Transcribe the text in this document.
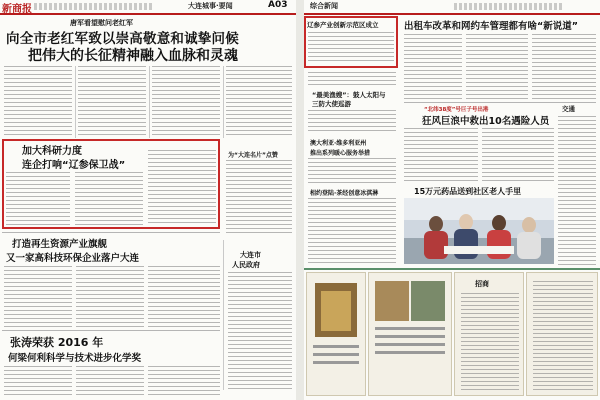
新商报	大连城事·要闻	A03
唐军看望慰问老红军
向全市老红军致以崇高敬意和诚挚问候
把伟大的长征精神融入血脉和灵魂
加大科研力度
连企打响“辽参保卫战”
为“大连名片”点赞
打造再生资源产业旗舰
又一家高科技环保企业落户大连	大连市
人民政府
张涛荣获 2016 年
何梁何利科学与技术进步化学奖
综合新闻
辽参产业创新示范区成立	出租车改革和网约车管理都有啥“新说道”
“最美渔嫂”：鼓人太阳与
三防大使巡游
澳大利亚·维多利亚州
推出系列暖心服务举措
相约登陆·茶经创意冰淇淋
“北纬38度”号巨子号出港
狂风巨浪中救出10名遇险人员
交通
15万元药品送到社区老人手里
招商
